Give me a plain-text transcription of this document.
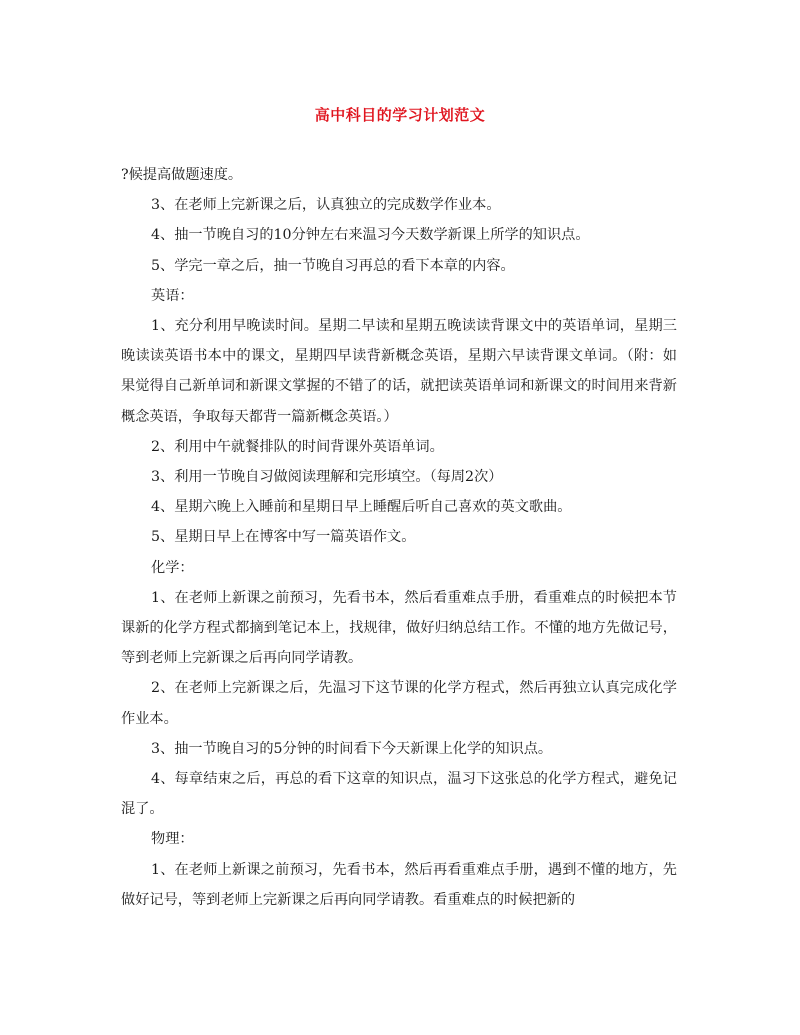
高中科目的学习计划范文

?候提高做题速度。

3、在老师上完新课之后，认真独立的完成数学作业本。

4、抽一节晚自习的10分钟左右来温习今天数学新课上所学的知识点。

5、学完一章之后，抽一节晚自习再总的看下本章的内容。

英语：

1、充分利用早晚读时间。星期二早读和星期五晚读读背课文中的英语单词，星期三晚读读英语书本中的课文，星期四早读背新概念英语，星期六早读背课文单词。（附：如果觉得自己新单词和新课文掌握的不错了的话，就把读英语单词和新课文的时间用来背新概念英语，争取每天都背一篇新概念英语。）

2、利用中午就餐排队的时间背课外英语单词。

3、利用一节晚自习做阅读理解和完形填空。（每周2次）

4、星期六晚上入睡前和星期日早上睡醒后听自己喜欢的英文歌曲。

5、星期日早上在博客中写一篇英语作文。

化学：

1、在老师上新课之前预习，先看书本，然后看重难点手册，看重难点的时候把本节课新的化学方程式都摘到笔记本上，找规律，做好归纳总结工作。不懂的地方先做记号，等到老师上完新课之后再向同学请教。

2、在老师上完新课之后，先温习下这节课的化学方程式，然后再独立认真完成化学作业本。

3、抽一节晚自习的5分钟的时间看下今天新课上化学的知识点。

4、每章结束之后，再总的看下这章的知识点，温习下这张总的化学方程式，避免记混了。

物理：

1、在老师上新课之前预习，先看书本，然后再看重难点手册，遇到不懂的地方，先做好记号，等到老师上完新课之后再向同学请教。看重难点的时候把新的
